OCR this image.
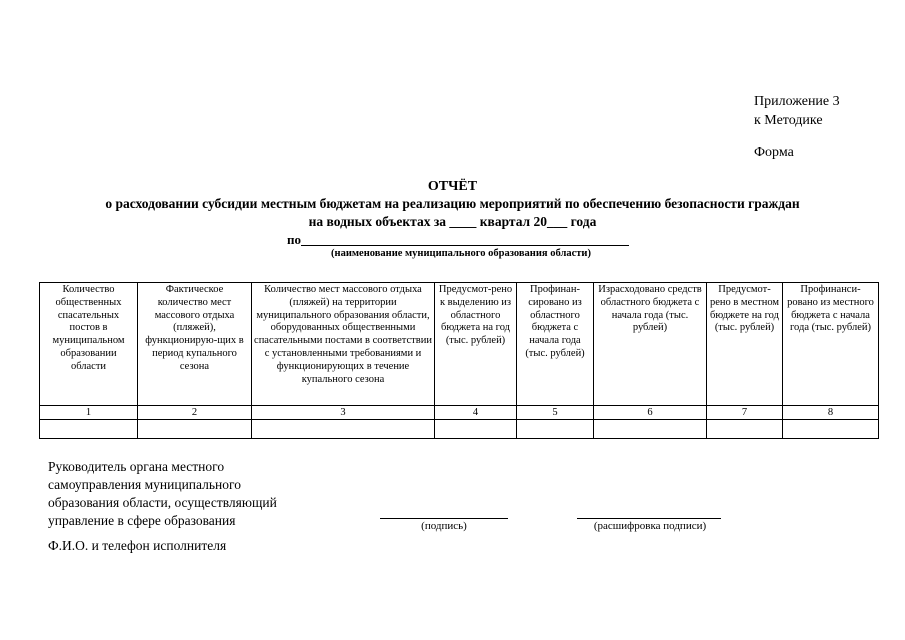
Приложение 3
к Методике
Форма
ОТЧЁТ
о расходовании субсидии местным бюджетам на реализацию мероприятий по обеспечению безопасности граждан
на водных объектах за ____ квартал 20___ года
по
(наименование муниципального образования области)
Количество общественных спасательных постов в муниципальном образовании области	Фактическое количество мест массового отдыха (пляжей), функционирую-щих в период купального сезона	Количество мест массового отдыха (пляжей) на территории муниципального образования области, оборудованных общественными спасательными постами в соответствии с установленными требованиями и функционирующих в течение купального сезона	Предусмот-рено к выделению из областного бюджета на год (тыс. рублей)	Профинан-сировано из областного бюджета с начала года (тыс. рублей)	Израсходовано средств областного бюджета с начала года (тыс. рублей)	Предусмот-рено в местном бюджете на год (тыс. рублей)	Профинанси-ровано из местного бюджета с начала года (тыс. рублей)
1	2	3	4	5	6	7	8

Руководитель органа местного
самоуправления муниципального
образования области, осуществляющий
управление в сфере образования	(подпись)	(расшифровка подписи)
Ф.И.О. и телефон исполнителя
